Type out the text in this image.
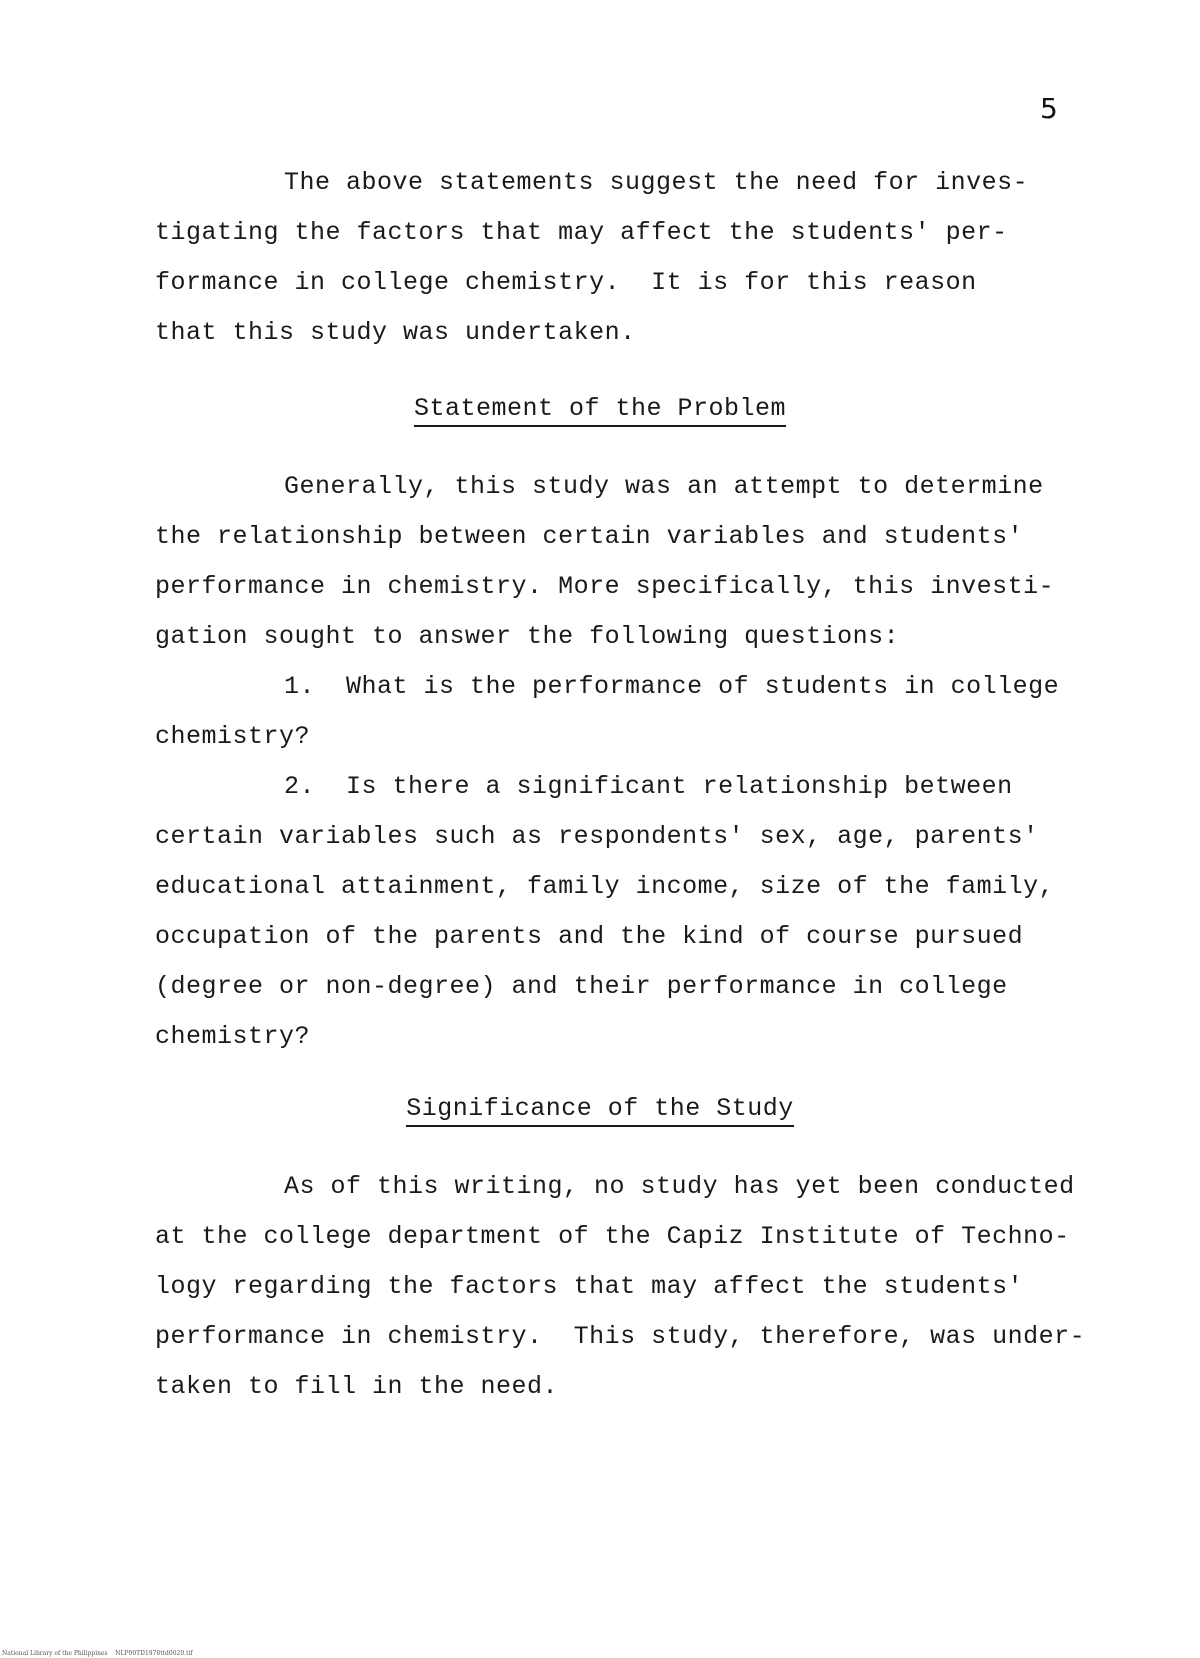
5
The above statements suggest the need for inves-
tigating the factors that may affect the students' per-
formance in college chemistry.  It is for this reason
that this study was undertaken.
Statement of the Problem
Generally, this study was an attempt to determine
the relationship between certain variables and students'
performance in chemistry. More specifically, this investi-
gation sought to answer the following questions:
1.  What is the performance of students in college
chemistry?
2.  Is there a significant relationship between
certain variables such as respondents' sex, age, parents'
educational attainment, family income, size of the family,
occupation of the parents and the kind of course pursued
(degree or non-degree) and their performance in college
chemistry?
Significance of the Study
As of this writing, no study has yet been conducted
at the college department of the Capiz Institute of Techno-
logy regarding the factors that may affect the students'
performance in chemistry.  This study, therefore, was under-
taken to fill in the need.
National Library of the Philippines    NLP00TD1978ttd0020.tif
